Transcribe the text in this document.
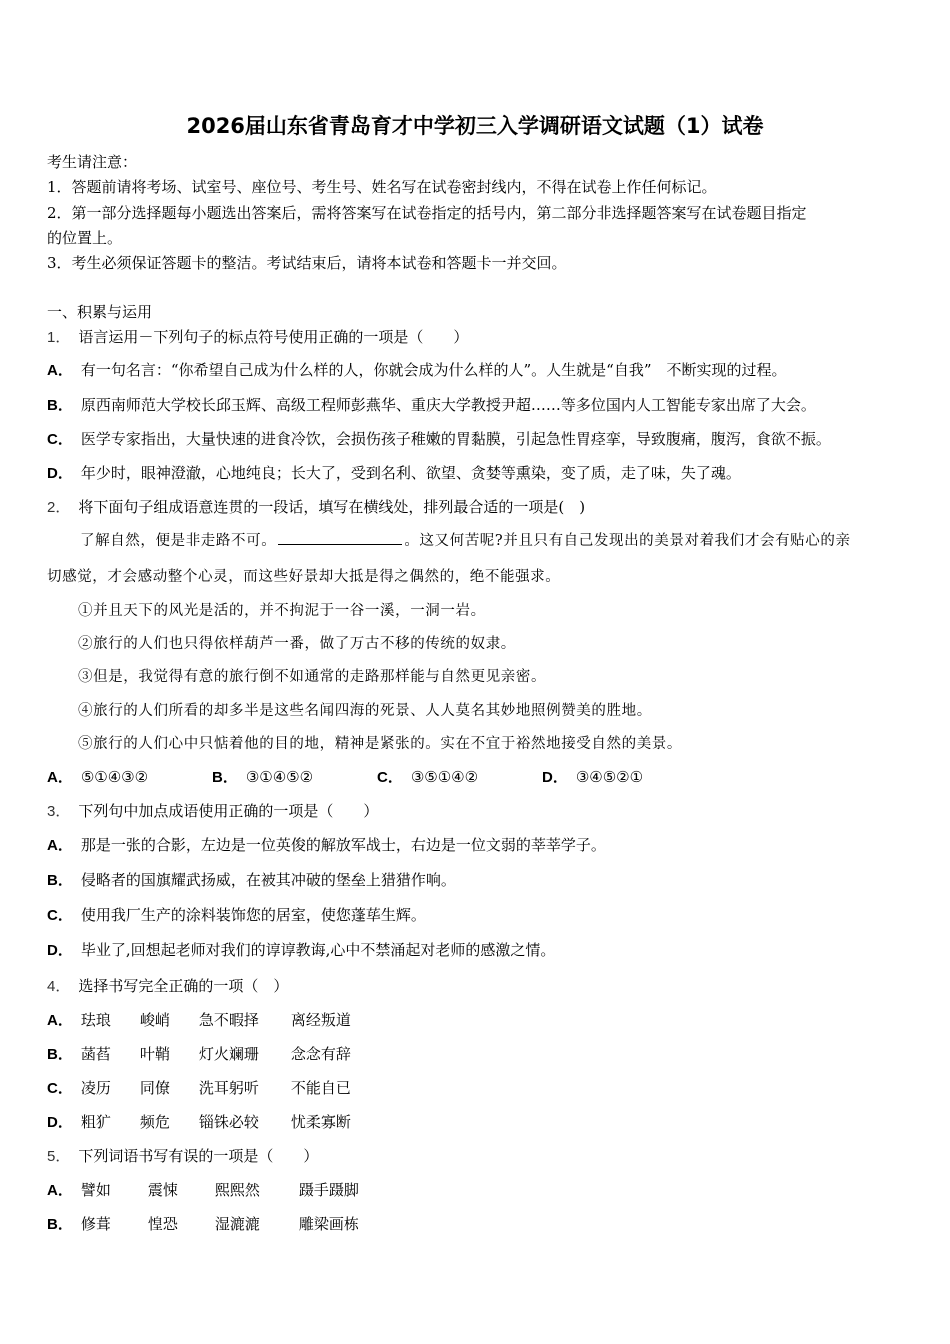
2026届山东省青岛育才中学初三入学调研语文试题（1）试卷
考生请注意：
1．答题前请将考场、试室号、座位号、考生号、姓名写在试卷密封线内，不得在试卷上作任何标记。
2．第一部分选择题每小题选出答案后，需将答案写在试卷指定的括号内，第二部分非选择题答案写在试卷题目指定
的位置上。
3．考生必须保证答题卡的整洁。考试结束后，请将本试卷和答题卡一并交回。
一、积累与运用
1． 语言运用－下列句子的标点符号使用正确的一项是（　　）
A． 有一句名言：“你希望自己成为什么样的人，你就会成为什么样的人”。人生就是“自我”　不断实现的过程。
B． 原西南师范大学校长邱玉辉、高级工程师彭燕华、重庆大学教授尹超……等多位国内人工智能专家出席了大会。
C． 医学专家指出，大量快速的进食冷饮，会损伤孩子稚嫩的胃黏膜，引起急性胃痉挛，导致腹痛，腹泻，食欲不振。
D． 年少时，眼神澄澈，心地纯良；长大了，受到名利、欲望、贪婪等熏染，变了质，走了味，失了魂。
2． 将下面句子组成语意连贯的一段话，填写在横线处，排列最合适的一项是(　)
了解自然，便是非走路不可。	。这又何苦呢?并且只有自己发现出的美景对着我们才会有贴心的亲
切感觉，才会感动整个心灵，而这些好景却大抵是得之偶然的，绝不能强求。
①并且天下的风光是活的，并不拘泥于一谷一溪，一洞一岩。
②旅行的人们也只得依样葫芦一番，做了万古不移的传统的奴隶。
③但是，我觉得有意的旅行倒不如通常的走路那样能与自然更见亲密。
④旅行的人们所看的却多半是这些名闻四海的死景、人人莫名其妙地照例赞美的胜地。
⑤旅行的人们心中只惦着他的目的地，精神是紧张的。实在不宜于裕然地接受自然的美景。
A． ⑤①④③②	B． ③①④⑤②	C． ③⑤①④②	D． ③④⑤②①
3． 下列句中加点成语使用正确的一项是（　　）
A． 那是一张的合影，左边是一位英俊的解放军战士，右边是一位文弱的莘莘学子。
B． 侵略者的国旗耀武扬威，在被其冲破的堡垒上猎猎作响。
C． 使用我厂生产的涂料装饰您的居室，使您蓬荜生辉。
D． 毕业了,回想起老师对我们的谆谆教诲,心中不禁涌起对老师的感激之情。
4． 选择书写完全正确的一项（　）
A． 珐琅 峻峭 急不暇择 离经叛道
B． 菡萏 叶鞘 灯火斓珊 念念有辞
C． 凌历 同僚 洗耳躬听 不能自已
D． 粗犷 频危 锱铢必较 忧柔寡断
5． 下列词语书写有误的一项是（　　）
A． 譬如 震悚 熙熙然	蹑手蹑脚
B． 修葺 惶恐 湿漉漉	雕梁画栋
